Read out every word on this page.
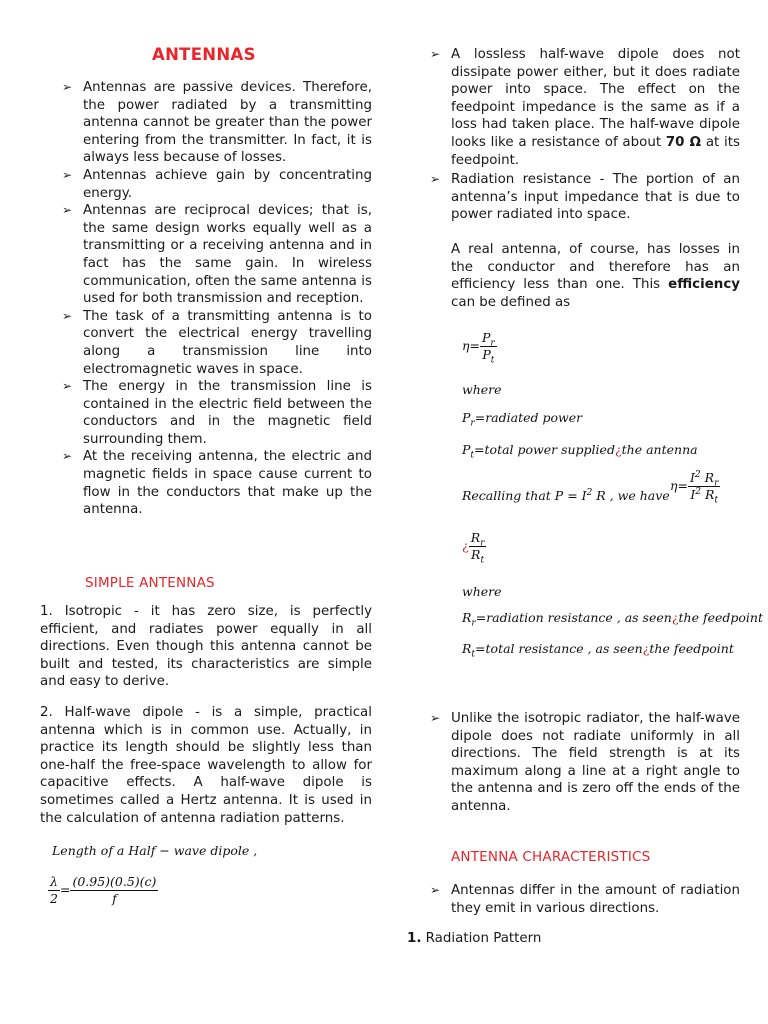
ANTENNAS
➢ Antennas are passive devices. Therefore, the power radiated by a transmitting antenna cannot be greater than the power entering from the transmitter. In fact, it is always less because of losses.
➢ Antennas achieve gain by concentrating energy.
➢ Antennas are reciprocal devices; that is, the same design works equally well as a transmitting or a receiving antenna and in fact has the same gain. In wireless communication, often the same antenna is used for both transmission and reception.
➢ The task of a transmitting antenna is to convert the electrical energy travelling along a transmission line into electromagnetic waves in space.
➢ The energy in the transmission line is contained in the electric field between the conductors and in the magnetic field surrounding them.
➢ At the receiving antenna, the electric and magnetic fields in space cause current to flow in the conductors that make up the antenna.
SIMPLE ANTENNAS
1. Isotropic - it has zero size, is perfectly efficient, and radiates power equally in all directions. Even though this antenna cannot be built and tested, its characteristics are simple and easy to derive.
2. Half-wave dipole - is a simple, practical antenna which is in common use. Actually, in practice its length should be slightly less than one-half the free-space wavelength to allow for capacitive effects. A half-wave dipole is sometimes called a Hertz antenna. It is used in the calculation of antenna radiation patterns.
Length of a Half − wave dipole ,
$\frac{\lambda}{2} = \frac{(0.95)(0.5)(c)}{f}$
➢ A lossless half-wave dipole does not dissipate power either, but it does radiate power into space. The effect on the feedpoint impedance is the same as if a loss had taken place. The half-wave dipole looks like a resistance of about 70 Ω at its feedpoint.
➢ Radiation resistance - The portion of an antenna’s input impedance that is due to power radiated into space.
A real antenna, of course, has losses in the conductor and therefore has an efficiency less than one. This efficiency can be defined as
$\eta= \frac{P_r}{P_t}$
where
$P_r=radiated$ power
$P_t=total$ power supplied¿the antenna
Recalling that $P = I^2$ R , we have
$\eta= \frac{I^2 R_r}{I^2 R_t}$
¿ $\frac{R_r}{R_t}$
where
$R_r=radiation$ resistance , as seen¿the feedpoint
$R_t=total$ resistance , as seen¿the feedpoint
➢ Unlike the isotropic radiator, the half-wave dipole does not radiate uniformly in all directions. The field strength is at its maximum along a line at a right angle to the antenna and is zero off the ends of the antenna.
ANTENNA CHARACTERISTICS
➢ Antennas differ in the amount of radiation they emit in various directions.
1. Radiation Pattern
